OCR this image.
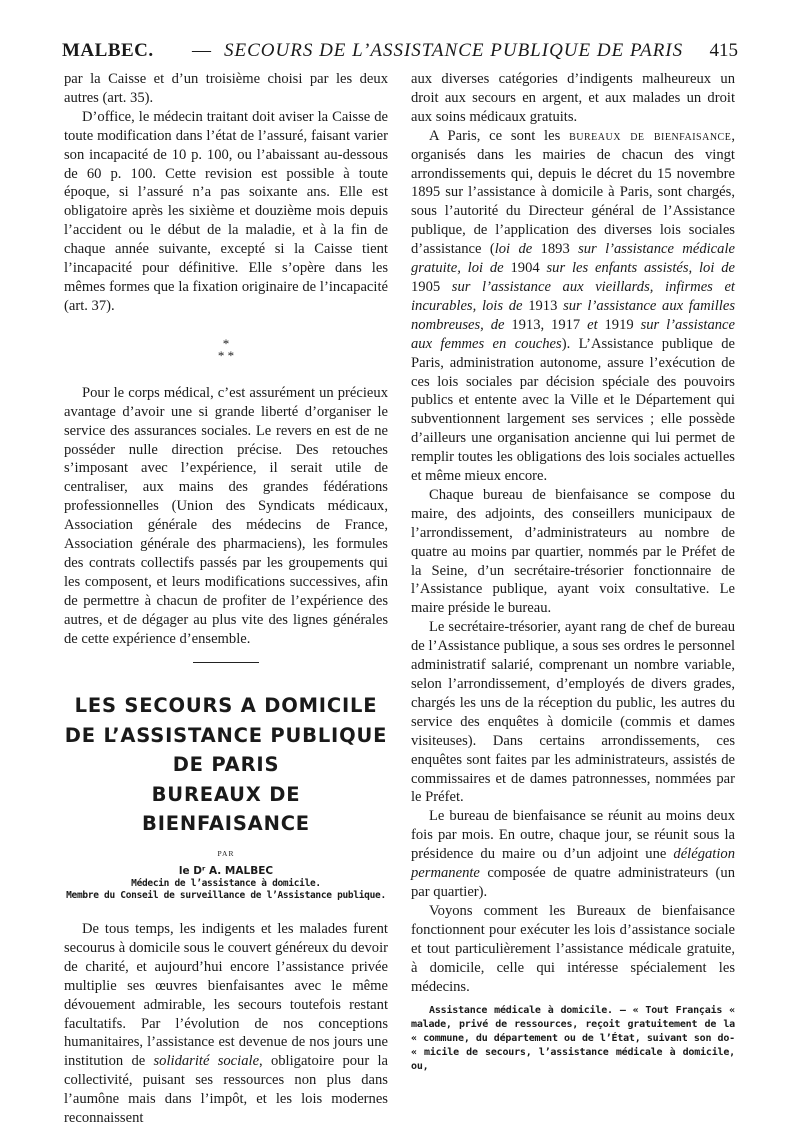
MALBEC. — SECOURS DE L’ASSISTANCE PUBLIQUE DE PARIS 415

par la Caisse et d’un troisième choisi par les deux autres (art. 35).

D’office, le médecin traitant doit aviser la Caisse de toute modification dans l’état de l’assuré, faisant varier son incapacité de 10 p. 100, ou l’abaissant au-dessous de 60 p. 100. Cette revision est possible à toute époque, si l’assuré n’a pas soixante ans. Elle est obligatoire après les sixième et douzième mois depuis l’accident ou le début de la maladie, et à la fin de chaque année suivante, excepté si la Caisse tient l’incapacité pour définitive. Elle s’opère dans les mêmes formes que la fixation originaire de l’incapacité (art. 37).

*
* *

Pour le corps médical, c’est assurément un précieux avantage d’avoir une si grande liberté d’organiser le service des assurances sociales. Le revers en est de ne posséder nulle direction précise. Des retouches s’imposant avec l’expérience, il serait utile de centraliser, aux mains des grandes fédérations professionnelles (Union des Syndicats médicaux, Association générale des médecins de France, Association générale des pharmaciens), les formules des contrats collectifs passés par les groupements qui les composent, et leurs modifications successives, afin de permettre à chacun de profiter de l’expérience des autres, et de dégager au plus vite des lignes générales de cette expérience d’ensemble.

LES SECOURS A DOMICILE

DE L’ASSISTANCE PUBLIQUE

DE PARIS

BUREAUX DE BIENFAISANCE

PAR
le Dʳ A. MALBEC
Médecin de l’assistance à domicile.
Membre du Conseil de surveillance de l’Assistance publique.

De tous temps, les indigents et les malades furent secourus à domicile sous le couvert généreux du devoir de charité, et aujourd’hui encore l’assistance privée multiplie ses œuvres bienfaisantes avec le même dévouement admirable, les secours toutefois restant facultatifs. Par l’évolution de nos conceptions humanitaires, l’assistance est devenue de nos jours une institution de solidarité sociale, obligatoire pour la collectivité, puisant ses ressources non plus dans l’aumône mais dans l’impôt, et les lois modernes reconnaissent

aux diverses catégories d’indigents malheureux un droit aux secours en argent, et aux malades un droit aux soins médicaux gratuits.

A Paris, ce sont les bureaux de bienfaisance, organisés dans les mairies de chacun des vingt arrondissements qui, depuis le décret du 15 novembre 1895 sur l’assistance à domicile à Paris, sont chargés, sous l’autorité du Directeur général de l’Assistance publique, de l’application des diverses lois sociales d’assistance (loi de 1893 sur l’assistance médicale gratuite, loi de 1904 sur les enfants assistés, loi de 1905 sur l’assistance aux vieillards, infirmes et incurables, lois de 1913 sur l’assistance aux familles nombreuses, de 1913, 1917 et 1919 sur l’assistance aux femmes en couches). L’Assistance publique de Paris, administration autonome, assure l’exécution de ces lois sociales par décision spéciale des pouvoirs publics et entente avec la Ville et le Département qui subventionnent largement ses services ; elle possède d’ailleurs une organisation ancienne qui lui permet de remplir toutes les obligations des lois sociales actuelles et même mieux encore.

Chaque bureau de bienfaisance se compose du maire, des adjoints, des conseillers municipaux de l’arrondissement, d’administrateurs au nombre de quatre au moins par quartier, nommés par le Préfet de la Seine, d’un secrétaire-trésorier fonctionnaire de l’Assistance publique, ayant voix consultative. Le maire préside le bureau.

Le secrétaire-trésorier, ayant rang de chef de bureau de l’Assistance publique, a sous ses ordres le personnel administratif salarié, comprenant un nombre variable, selon l’arrondissement, d’employés de divers grades, chargés les uns de la réception du public, les autres du service des enquêtes à domicile (commis et dames visiteuses). Dans certains arrondissements, ces enquêtes sont faites par les administrateurs, assistés de commissaires et de dames patronnesses, nommées par le Préfet.

Le bureau de bienfaisance se réunit au moins deux fois par mois. En outre, chaque jour, se réunit sous la présidence du maire ou d’un adjoint une délégation permanente composée de quatre administrateurs (un par quartier).

Voyons comment les Bureaux de bienfaisance fonctionnent pour exécuter les lois d’assistance sociale et tout particulièrement l’assistance médicale gratuite, à domicile, celle qui intéresse spécialement les médecins.

Assistance médicale à domicile. — « Tout Français « malade, privé de ressources, reçoit gratuitement de la « commune, du département ou de l’État, suivant son do- « micile de secours, l’assistance médicale à domicile, ou,
